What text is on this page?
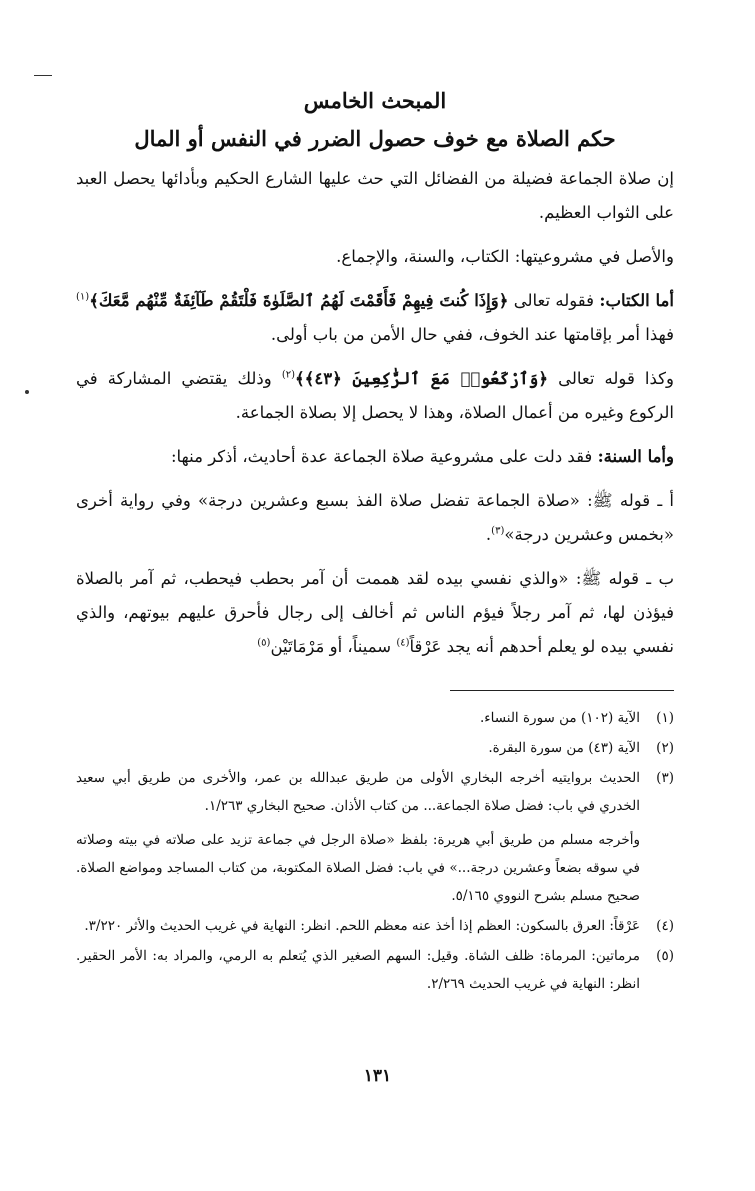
المبحث الخامس
حكم الصلاة مع خوف حصول الضرر في النفس أو المال

إن صلاة الجماعة فضيلة من الفضائل التي حث عليها الشارع الحكيم وبأدائها يحصل العبد على الثواب العظيم.

والأصل في مشروعيتها: الكتاب، والسنة، والإجماع.

أما الكتاب: فقوله تعالى ﴿وَإِذَا كُنتَ فِيهِمْ فَأَقَمْتَ لَهُمُ ٱلصَّلَوٰةَ فَلْتَقُمْ طَآئِفَةٌ مِّنْهُم مَّعَكَ﴾$^{(١)}$ فهذا أمر بإقامتها عند الخوف، ففي حال الأمن من باب أولى.

وكذا قوله تعالى ﴿وَٱرْكَعُوا۟ مَعَ ٱلرَّٰكِعِينَ ﴿٤٣﴾﴾$^{(٢)}$ وذلك يقتضي المشاركة في الركوع وغيره من أعمال الصلاة، وهذا لا يحصل إلا بصلاة الجماعة.

وأما السنة: فقد دلت على مشروعية صلاة الجماعة عدة أحاديث، أذكر منها:

أ ـ قوله ﷺ: «صلاة الجماعة تفضل صلاة الفذ بسبع وعشرين درجة» وفي رواية أخرى «بخمس وعشرين درجة»$^{(٣)}$.

ب ـ قوله ﷺ: «والذي نفسي بيده لقد هممت أن آمر بحطب فيحطب، ثم آمر بالصلاة فيؤذن لها، ثم آمر رجلاً فيؤم الناس ثم أخالف إلى رجال فأحرق عليهم بيوتهم، والذي نفسي بيده لو يعلم أحدهم أنه يجد عَرْقاً$^{(٤)}$ سميناً، أو مَرْمَاتَيْن$^{(٥)}$

(١)
الآية (١٠٢) من سورة النساء.
(٢)
الآية (٤٣) من سورة البقرة.
(٣)
الحديث بروايتيه أخرجه البخاري الأولى من طريق عبدالله بن عمر، والأخرى من طريق أبي سعيد الخدري في باب: فضل صلاة الجماعة... من كتاب الأذان. صحيح البخاري ١/٢٦٣.
وأخرجه مسلم من طريق أبي هريرة: بلفظ «صلاة الرجل في جماعة تزيد على صلاته في بيته وصلاته في سوقه بضعاً وعشرين درجة...» في باب: فضل الصلاة المكتوبة، من كتاب المساجد ومواضع الصلاة. صحيح مسلم بشرح النووي ٥/١٦٥.
(٤)
عَرْقاً: العرق بالسكون: العظم إذا أخذ عنه معظم اللحم. انظر: النهاية في غريب الحديث والأثر ٣/٢٢٠.
(٥)
مرماتين: المرماة: ظلف الشاة. وقيل: السهم الصغير الذي يُتعلم به الرمي، والمراد به: الأمر الحقير. انظر: النهاية في غريب الحديث ٢/٢٦٩.
١٣١
